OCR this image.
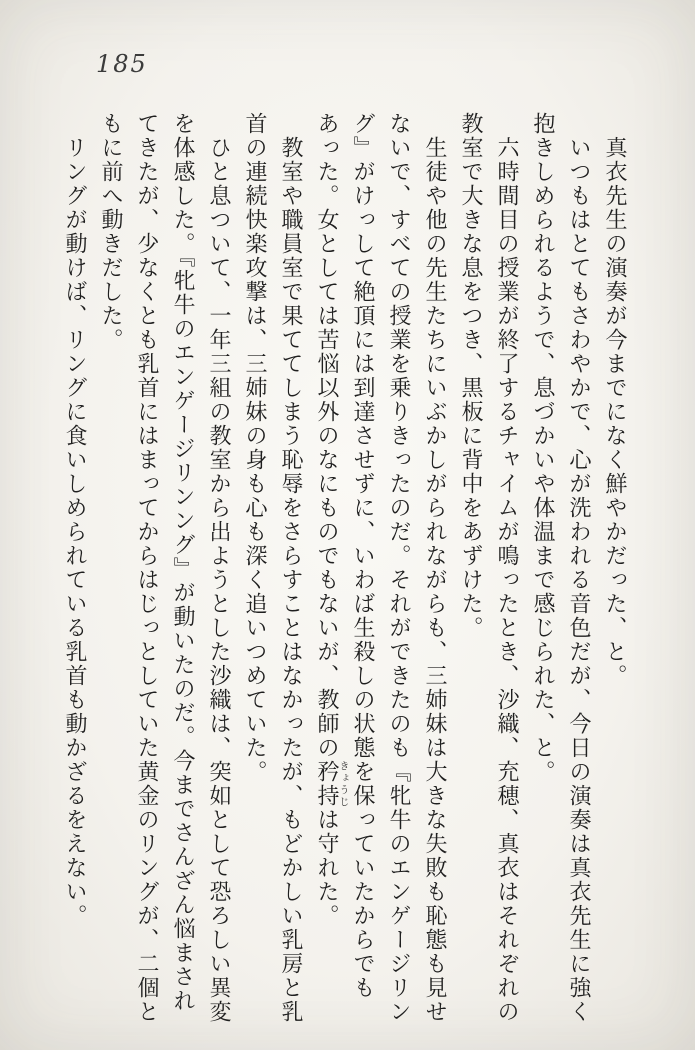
185

真衣先生の演奏が今までになく鮮やかだった、と。

いつもはとてもさわやかで、心が洗われる音色だが、今日の演奏は真衣先生に強く抱きしめられるようで、息づかいや体温まで感じられた、と。

六時間目の授業が終了するチャイムが鳴ったとき、沙織、充穂、真衣はそれぞれの教室で大きな息をつき、黒板に背中をあずけた。

生徒や他の先生たちにいぶかしがられながらも、三姉妹は大きな失敗も恥態も見せないで、すべての授業を乗りきったのだ。それができたのも『牝牛のエンゲージリング』がけっして絶頂には到達させずに、いわば生殺しの状態を保っていたからでもあった。女としては苦悩以外のなにものでもないが、教師の矜持きょうじは守れた。

教室や職員室で果ててしまう恥辱をさらすことはなかったが、もどかしい乳房と乳首の連続快楽攻撃は、三姉妹の身も心も深く追いつめていた。

ひと息ついて、一年三組の教室から出ようとした沙織は、突如として恐ろしい異変を体感した。『牝牛のエンゲージリンング』が動いたのだ。今までさんざん悩まされてきたが、少なくとも乳首にはまってからはじっとしていた黄金のリングが、二個ともに前へ動きだした。

リングが動けば、リングに食いしめられている乳首も動かざるをえない。
